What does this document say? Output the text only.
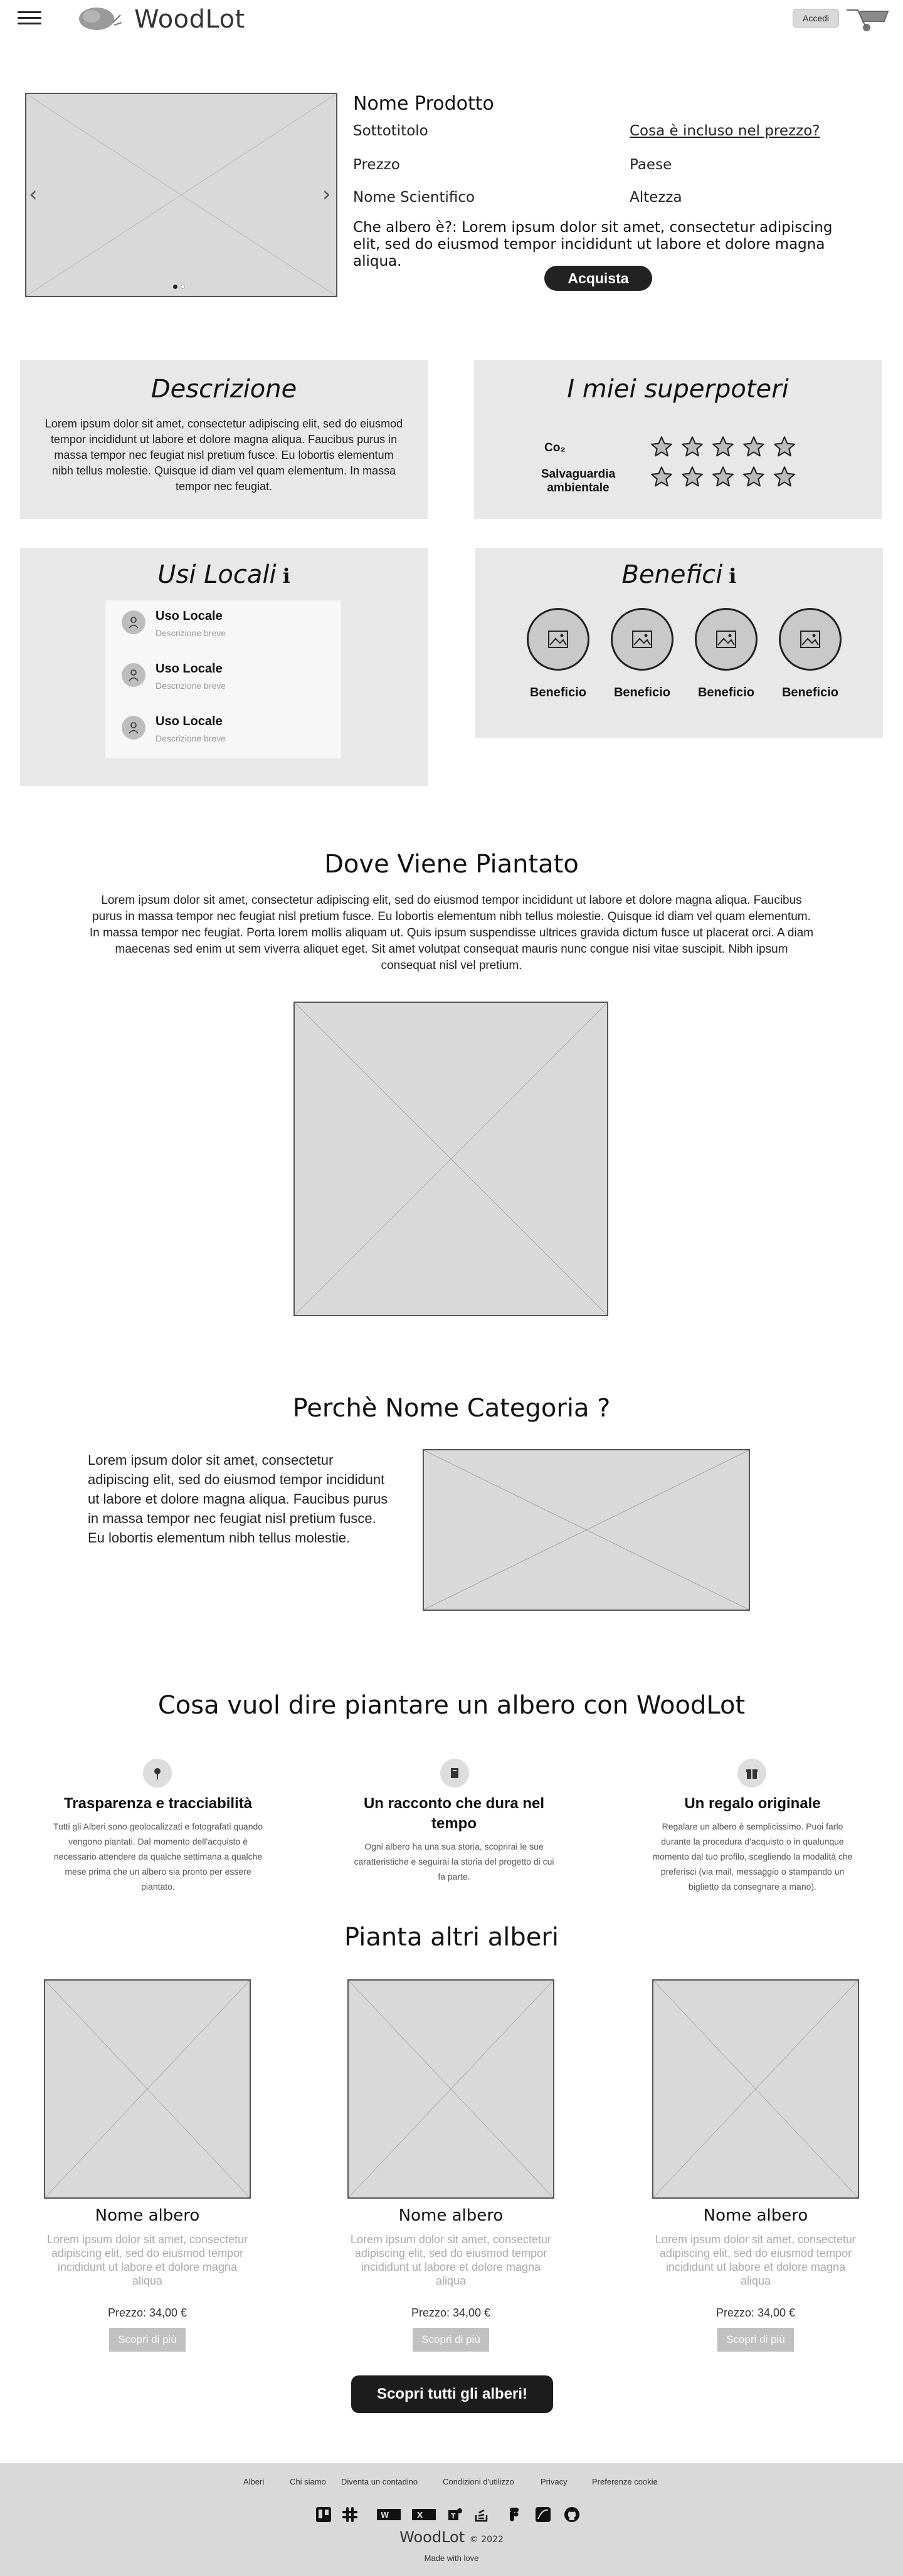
WoodLot	Accedi
‹	›
Nome Prodotto
Sottotitolo	Cosa è incluso nel prezzo?
Prezzo	Paese
Nome Scientifico	Altezza
Che albero è?: Lorem ipsum dolor sit amet, consectetur adipiscing elit, sed do eiusmod tempor incididunt ut labore et dolore magna aliqua.
Acquista
Descrizione
Lorem ipsum dolor sit amet, consectetur adipiscing elit, sed do eiusmod tempor incididunt ut labore et dolore magna aliqua. Faucibus purus in massa tempor nec feugiat nisl pretium fusce. Eu lobortis elementum nibh tellus molestie. Quisque id diam vel quam elementum. In massa tempor nec feugiat.
I miei superpoteri
Co₂
Salvaguardia ambientale
Usi Locali ℹ
Uso Locale
Descrizione breve
Uso Locale
Descrizione breve
Uso Locale
Descrizione breve
Benefici ℹ
Beneficio	Beneficio	Beneficio	Beneficio
Dove Viene Piantato
Lorem ipsum dolor sit amet, consectetur adipiscing elit, sed do eiusmod tempor incididunt ut labore et dolore magna aliqua. Faucibus purus in massa tempor nec feugiat nisl pretium fusce. Eu lobortis elementum nibh tellus molestie. Quisque id diam vel quam elementum. In massa tempor nec feugiat. Porta lorem mollis aliquam ut. Quis ipsum suspendisse ultrices gravida dictum fusce ut placerat orci. A diam maecenas sed enim ut sem viverra aliquet eget. Sit amet volutpat consequat mauris nunc congue nisi vitae suscipit. Nibh ipsum consequat nisl vel pretium.
Perchè Nome Categoria ?
Lorem ipsum dolor sit amet, consectetur adipiscing elit, sed do eiusmod tempor incididunt ut labore et dolore magna aliqua. Faucibus purus in massa tempor nec feugiat nisl pretium fusce. Eu lobortis elementum nibh tellus molestie.
Cosa vuol dire piantare un albero con WoodLot
Trasparenza e tracciabilità
Tutti gli Alberi sono geolocalizzati e fotografati quando vengono piantati. Dal momento dell'acquisto è necessario attendere da qualche settimana a qualche mese prima che un albero sia pronto per essere piantato.
Un racconto che dura nel tempo
Ogni albero ha una sua storia, scoprirai le sue caratteristiche e seguirai la storia del progetto di cui fa parte.
Un regalo originale
Regalare un albero è semplicissimo. Puoi farlo durante la procedura d'acquisto o in qualunque momento dal tuo profilo, scegliendo la modalità che preferisci (via mail, messaggio o stampando un biglietto da consegnare a mano).
Pianta altri alberi
Nome albero
Lorem ipsum dolor sit amet, consectetur adipiscing elit, sed do eiusmod tempor incididunt ut labore et dolore magna aliqua
Prezzo: 34,00 €
Scopri di più
Nome albero
Lorem ipsum dolor sit amet, consectetur adipiscing elit, sed do eiusmod tempor incididunt ut labore et dolore magna aliqua
Prezzo: 34,00 €
Scopri di più
Nome albero
Lorem ipsum dolor sit amet, consectetur adipiscing elit, sed do eiusmod tempor incididunt ut labore et dolore magna aliqua
Prezzo: 34,00 €
Scopri di più
Scopri tutti gli alberi!
Alberi	Chi siamo Diventa un contadino	Condizioni d'utilizzo	Privacy	Preferenze cookie
W	X	T
WoodLot © 2022
Made with love
